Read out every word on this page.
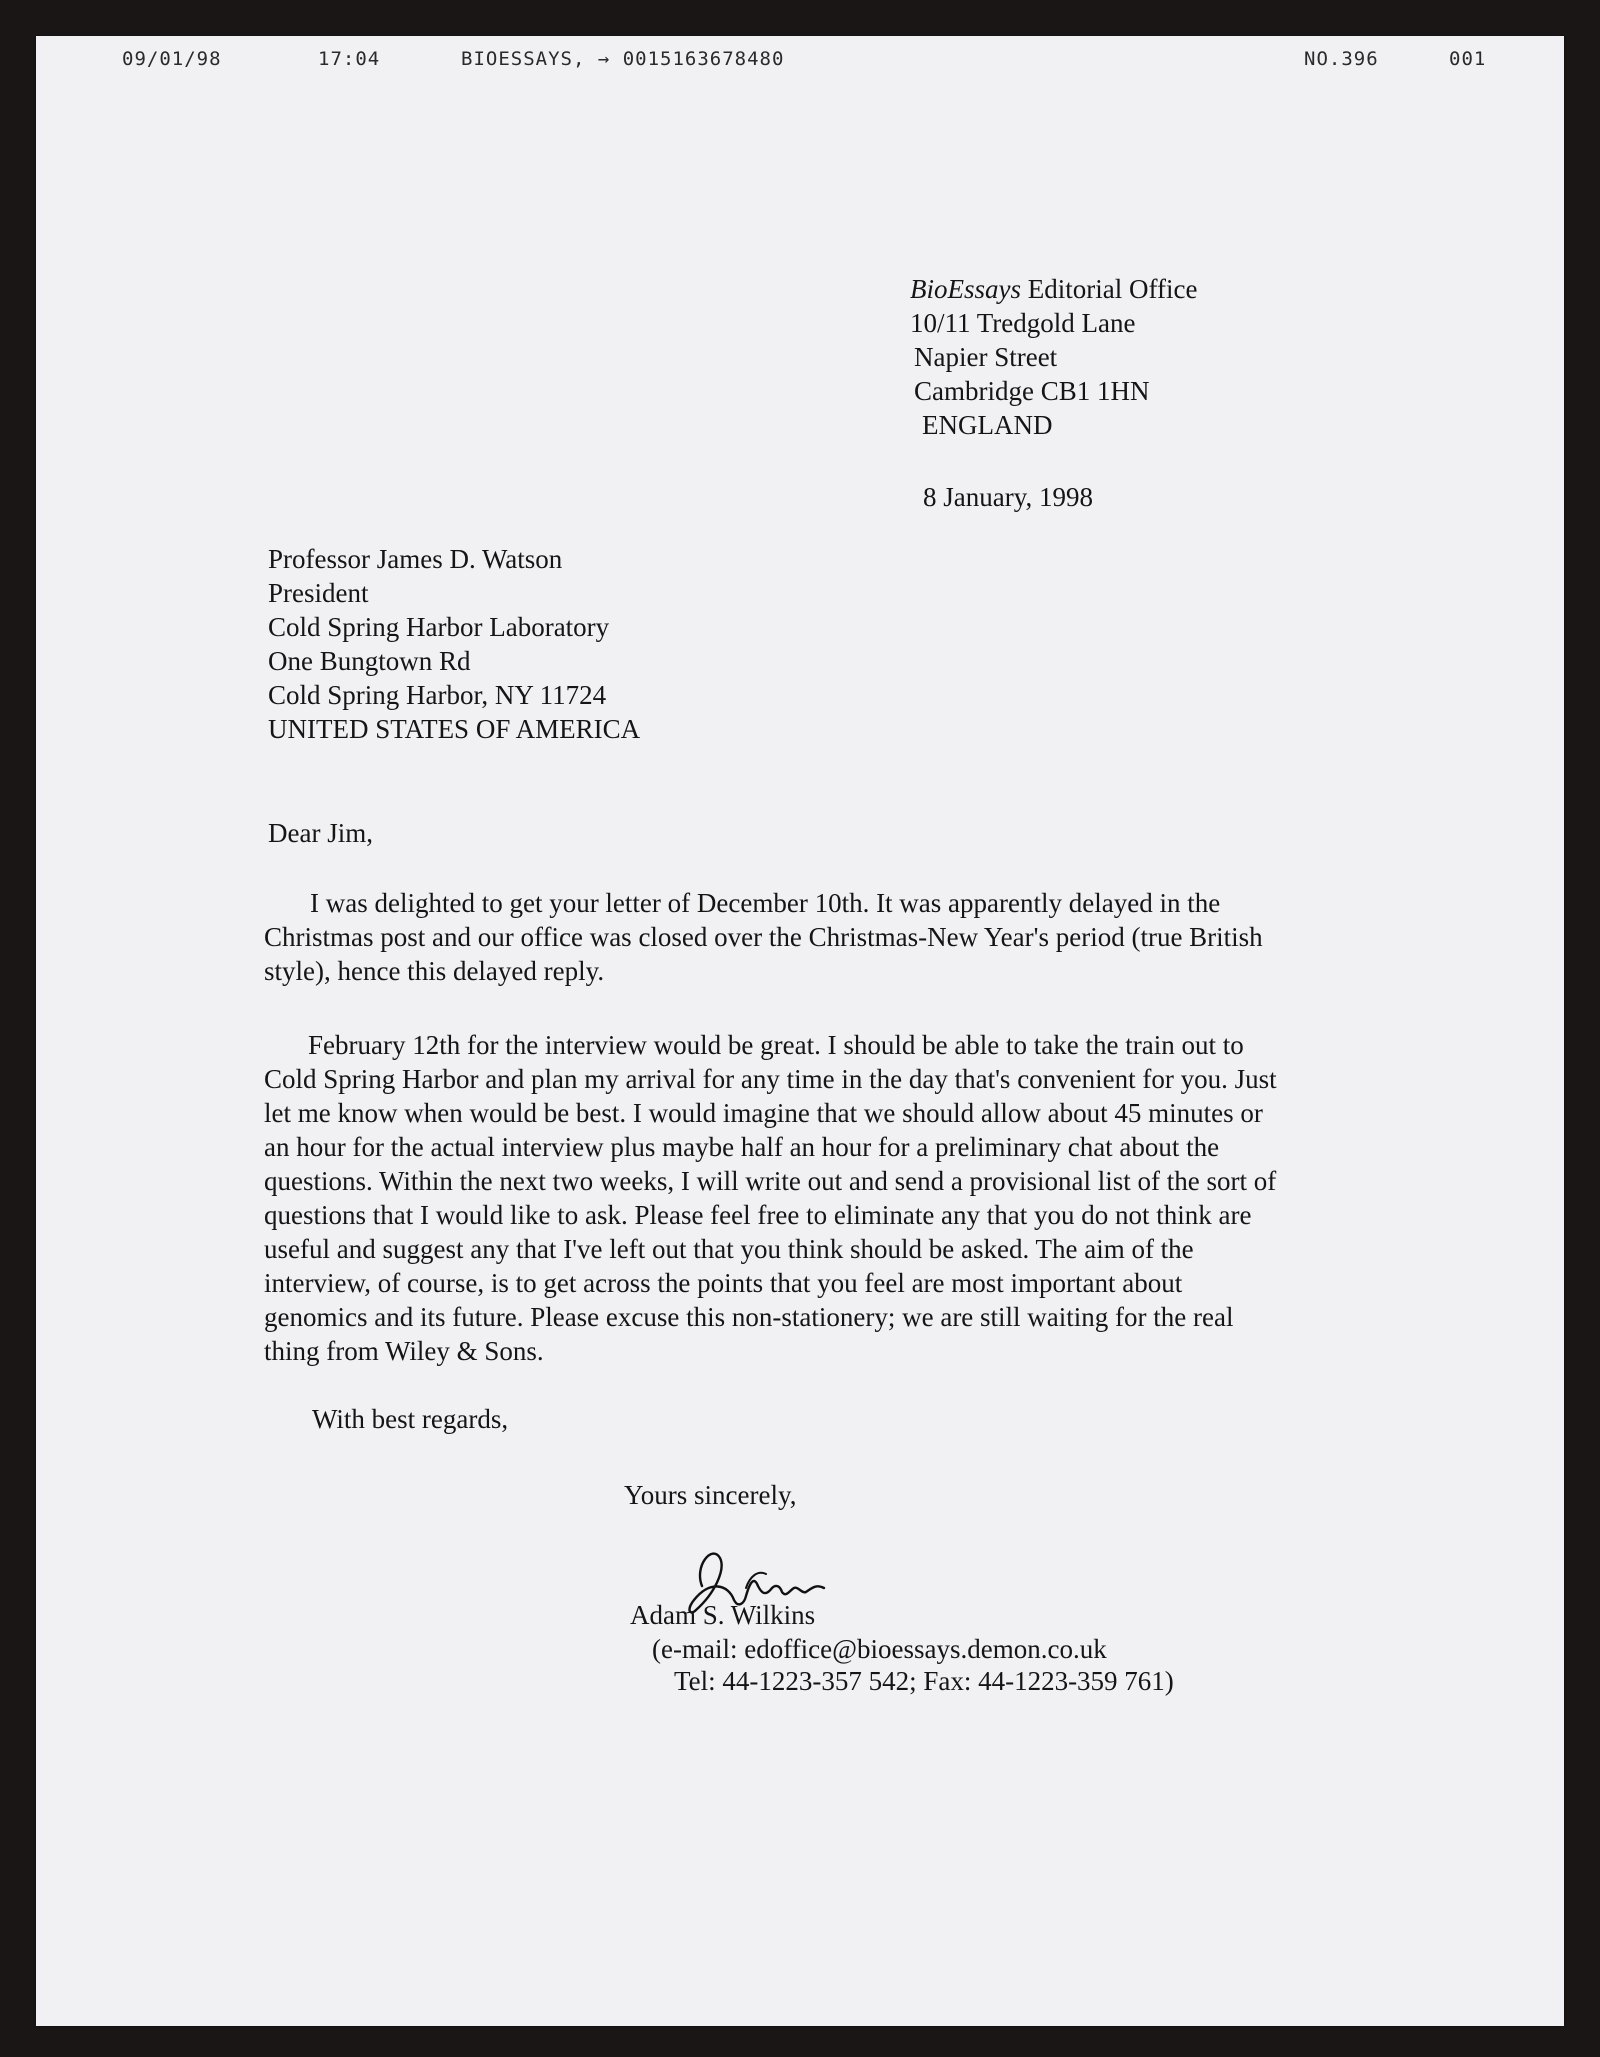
09/01/98	17:04	BIOESSAYS, → 0015163678480	NO.396	001
BioEssays Editorial Office
10/11 Tredgold Lane
Napier Street
Cambridge CB1 1HN
ENGLAND
8 January, 1998
Professor James D. Watson
President
Cold Spring Harbor Laboratory
One Bungtown Rd
Cold Spring Harbor, NY 11724
UNITED STATES OF AMERICA
Dear Jim,
I was delighted to get your letter of December 10th. It was apparently delayed in the
Christmas post and our office was closed over the Christmas-New Year's period (true British
style), hence this delayed reply.
February 12th for the interview would be great. I should be able to take the train out to
Cold Spring Harbor and plan my arrival for any time in the day that's convenient for you. Just
let me know when would be best. I would imagine that we should allow about 45 minutes or
an hour for the actual interview plus maybe half an hour for a preliminary chat about the
questions. Within the next two weeks, I will write out and send a provisional list of the sort of
questions that I would like to ask. Please feel free to eliminate any that you do not think are
useful and suggest any that I've left out that you think should be asked. The aim of the
interview, of course, is to get across the points that you feel are most important about
genomics and its future. Please excuse this non-stationery; we are still waiting for the real
thing from Wiley & Sons.
With best regards,
Yours sincerely,
Adam S. Wilkins
(e-mail: edoffice@bioessays.demon.co.uk
Tel: 44-1223-357 542; Fax: 44-1223-359 761)
